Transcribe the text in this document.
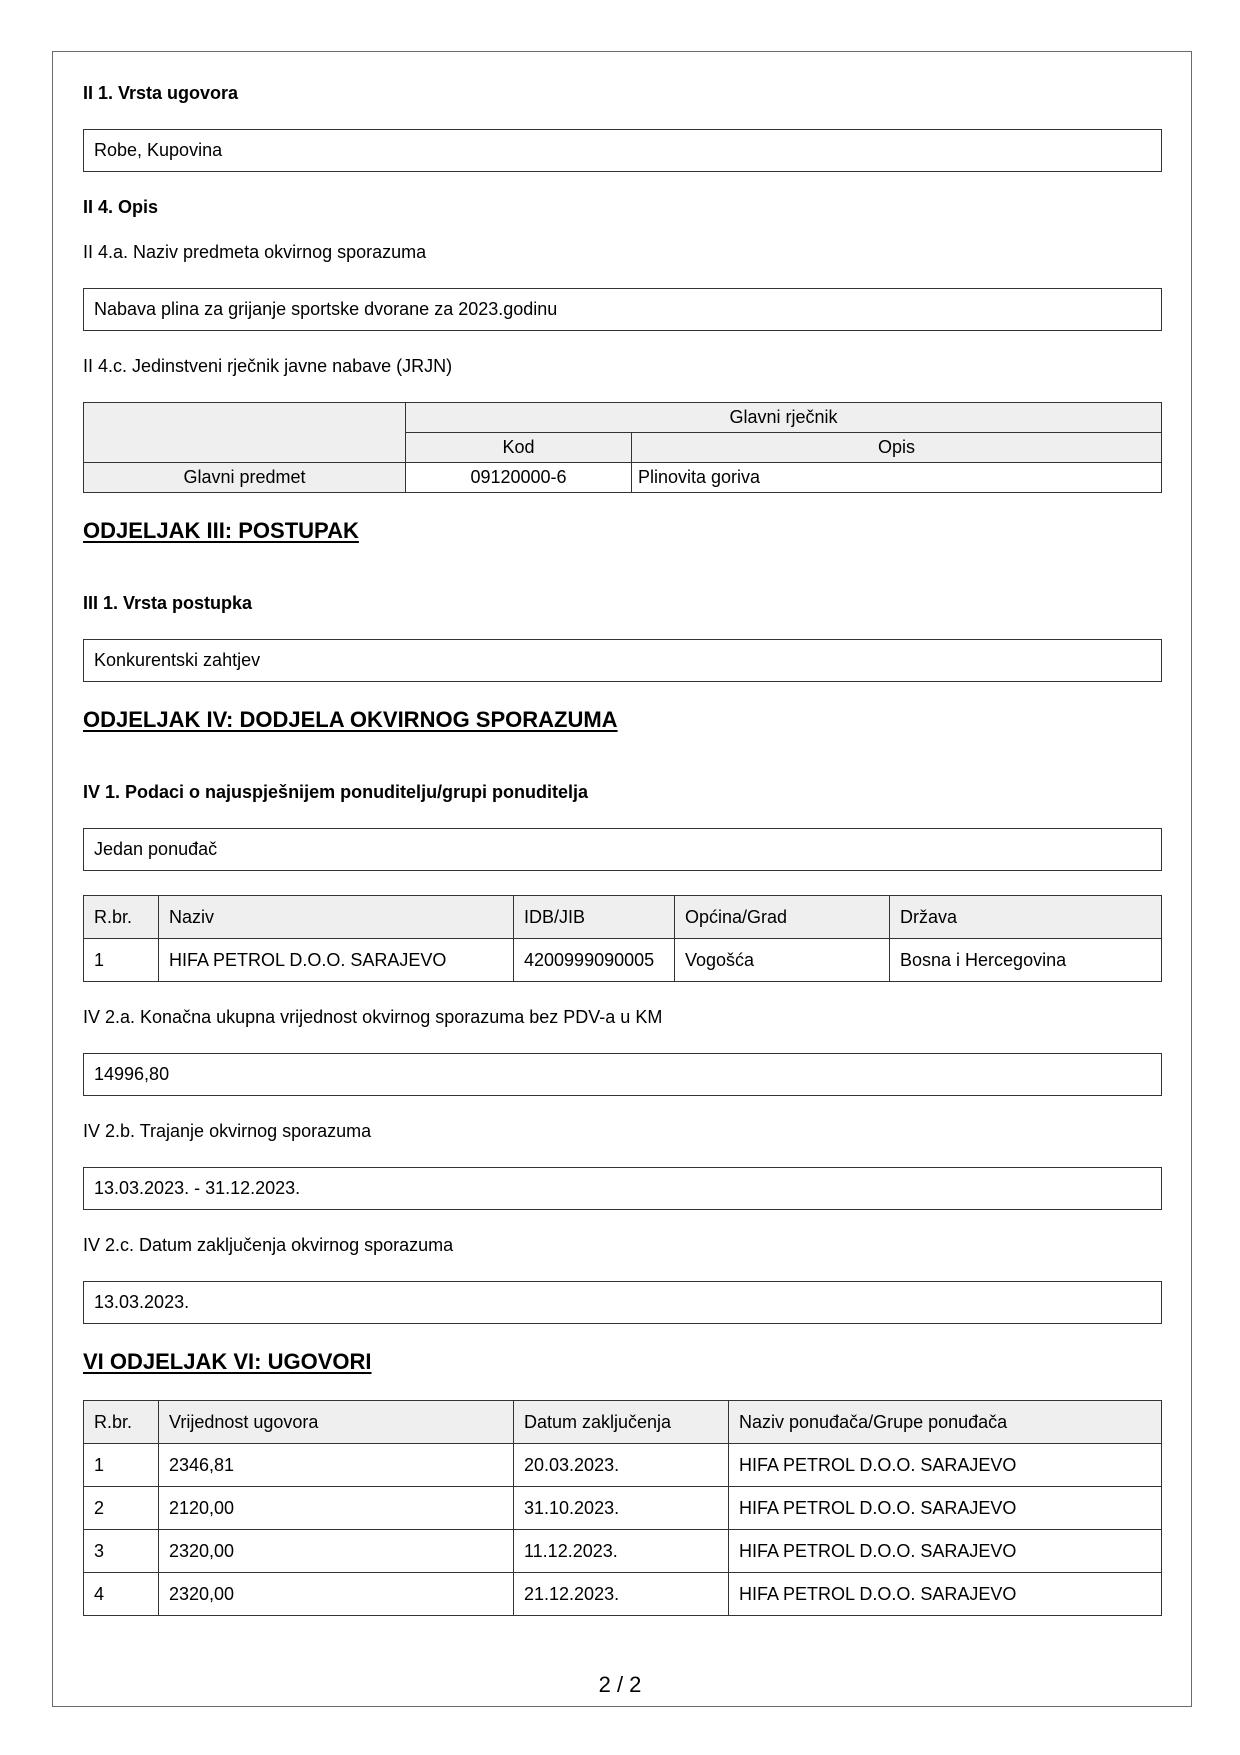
II 1. Vrsta ugovora
Robe, Kupovina
II 4. Opis
II 4.a. Naziv predmeta okvirnog sporazuma
Nabava plina za grijanje sportske dvorane za 2023.godinu
II 4.c. Jedinstveni rječnik javne nabave (JRJN)
	Glavni rječnik	
	Kod	Opis
Glavni predmet	09120000-6	Plinovita goriva
ODJELJAK III: POSTUPAK
III 1. Vrsta postupka
Konkurentski zahtjev
ODJELJAK IV: DODJELA OKVIRNOG SPORAZUMA
IV 1. Podaci o najuspješnijem ponuditelju/grupi ponuditelja
Jedan ponuđač
R.br.	Naziv	IDB/JIB	Općina/Grad	Država
1	HIFA PETROL D.O.O. SARAJEVO	4200999090005	Vogošća	Bosna i Hercegovina
IV 2.a. Konačna ukupna vrijednost okvirnog sporazuma bez PDV-a u KM
14996,80
IV 2.b. Trajanje okvirnog sporazuma
13.03.2023. - 31.12.2023.
IV 2.c. Datum zaključenja okvirnog sporazuma
13.03.2023.
VI ODJELJAK VI: UGOVORI
R.br.	Vrijednost ugovora	Datum zaključenja	Naziv ponuđača/Grupe ponuđača
1	2346,81	20.03.2023.	HIFA PETROL D.O.O. SARAJEVO
2	2120,00	31.10.2023.	HIFA PETROL D.O.O. SARAJEVO
3	2320,00	11.12.2023.	HIFA PETROL D.O.O. SARAJEVO
4	2320,00	21.12.2023.	HIFA PETROL D.O.O. SARAJEVO
2 / 2
